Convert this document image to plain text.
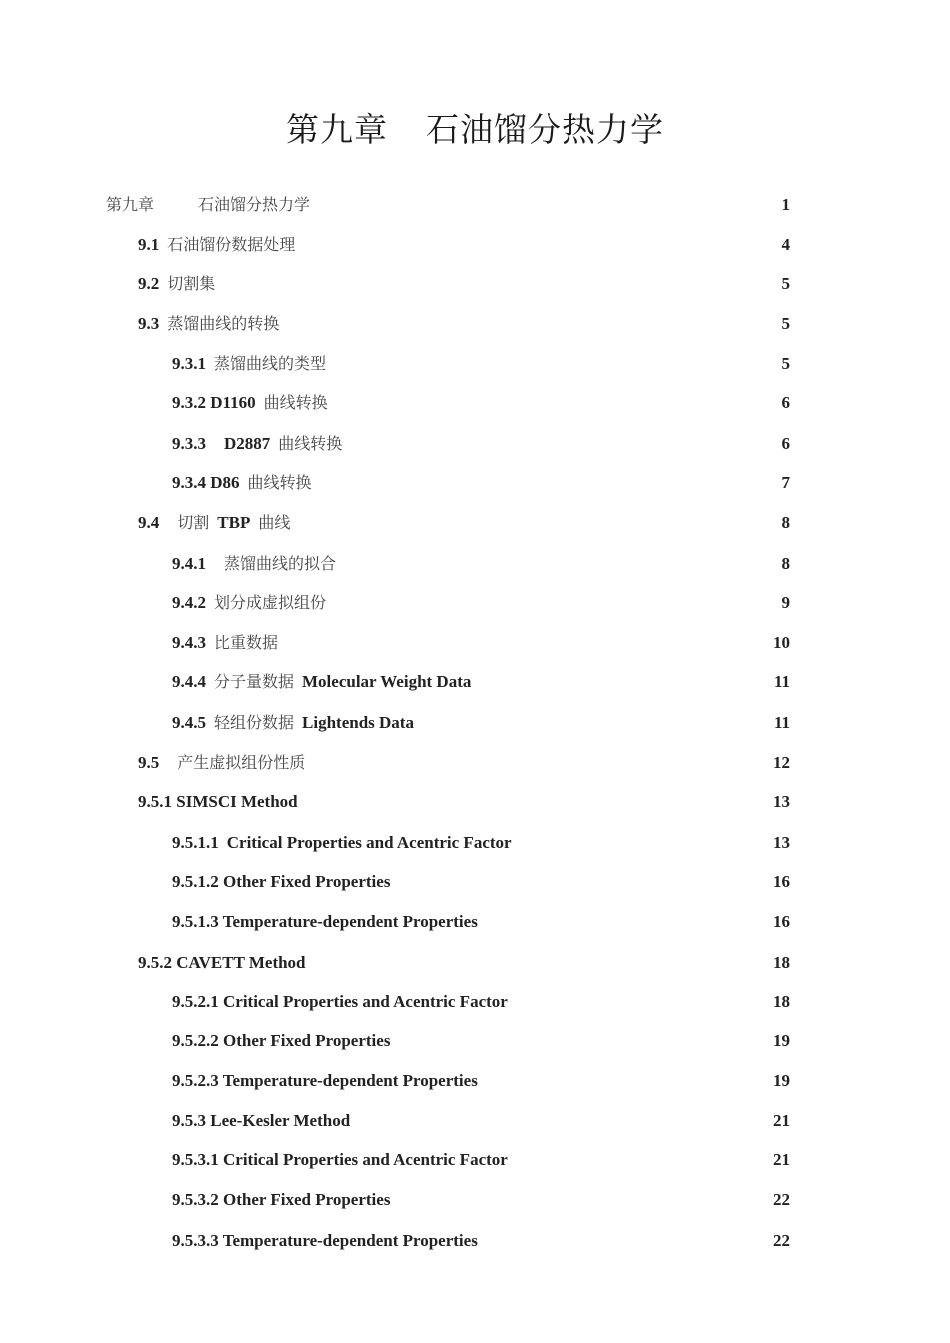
第九章 石油馏分热力学
第九章	石油馏分热力学	1
9.1 石油馏份数据处理	4
9.2 切割集	5
9.3 蒸馏曲线的转换	5
9.3.1 蒸馏曲线的类型	5
9.3.2 D1160 曲线转换	6
9.3.3 D2887 曲线转换	6
9.3.4 D86 曲线转换	7
9.4 切割 TBP 曲线	8
9.4.1 蒸馏曲线的拟合	8
9.4.2 划分成虚拟组份	9
9.4.3 比重数据	10
9.4.4 分子量数据 Molecular Weight Data	11
9.4.5 轻组份数据 Lightends Data	11
9.5 产生虚拟组份性质	12
9.5.1 SIMSCI Method	13
9.5.1.1 Critical Properties and Acentric Factor	13
9.5.1.2 Other Fixed Properties	16
9.5.1.3 Temperature-dependent Properties	16
9.5.2 CAVETT Method	18
9.5.2.1 Critical Properties and Acentric Factor	18
9.5.2.2 Other Fixed Properties	19
9.5.2.3 Temperature-dependent Properties	19
9.5.3 Lee-Kesler Method	21
9.5.3.1 Critical Properties and Acentric Factor	21
9.5.3.2 Other Fixed Properties	22
9.5.3.3 Temperature-dependent Properties	22
